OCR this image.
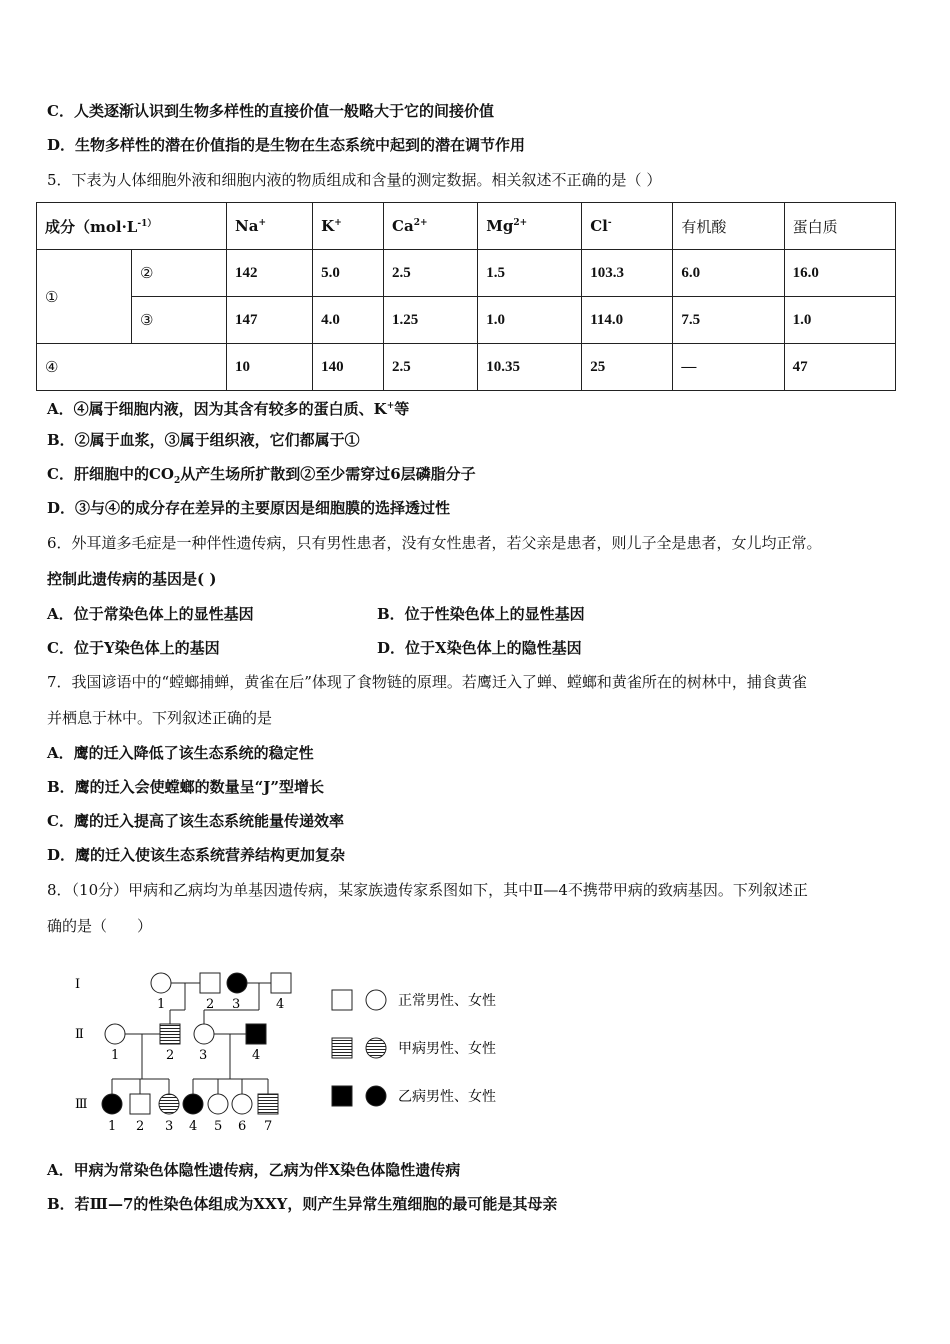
C．人类逐渐认识到生物多样性的直接价值一般略大于它的间接价值
D．生物多样性的潜在价值指的是生物在生态系统中起到的潜在调节作用
5．下表为人体细胞外液和细胞内液的物质组成和含量的测定数据。相关叙述不正确的是（ ）
成分（$mol\cdot L^{-1)}$		Na+	K+	$Ca^{2+}$	$Mg^{2+}$	Cl-	有机酸	蛋白质
①	②	142	5.0	2.5	1.5	103.3	6.0	16.0
	③	147	4.0	1.25	1.0	114.0	7.5	1.0
④		10	140	2.5	10.35	25	—	47
A．④属于细胞内液，因为其含有较多的蛋白质、K+等
B．②属于血浆，③属于组织液，它们都属于①
C．肝细胞中的$CO_2$从产生场所扩散到②至少需穿过6层磷脂分子
D．③与④的成分存在差异的主要原因是细胞膜的选择透过性
6．外耳道多毛症是一种伴性遗传病，只有男性患者，没有女性患者，若父亲是患者，则儿子全是患者，女儿均正常。
控制此遗传病的基因是( )
A．位于常染色体上的显性基因	B．位于性染色体上的显性基因
C．位于Y染色体上的基因	D．位于X染色体上的隐性基因
7．我国谚语中的“螳螂捕蝉，黄雀在后”体现了食物链的原理。若鹰迁入了蝉、螳螂和黄雀所在的树林中，捕食黄雀
并栖息于林中。下列叙述正确的是
A．鹰的迁入降低了该生态系统的稳定性
B．鹰的迁入会使螳螂的数量呈“J”型增长
C．鹰的迁入提高了该生态系统能量传递效率
D．鹰的迁入使该生态系统营养结构更加复杂
8．（10分）甲病和乙病均为单基因遗传病，某家族遗传家系图如下，其中Ⅱ—4不携带甲病的致病基因。下列叙述正
确的是（　　）
Ⅰ
Ⅱ
Ⅲ
1	2 3	4
1	2 3	4
1 2 3 4 5 6 7
正常男性、女性
甲病男性、女性
乙病男性、女性
A．甲病为常染色体隐性遗传病，乙病为伴X染色体隐性遗传病
B．若Ⅲ—7的性染色体组成为XXY，则产生异常生殖细胞的最可能是其母亲
